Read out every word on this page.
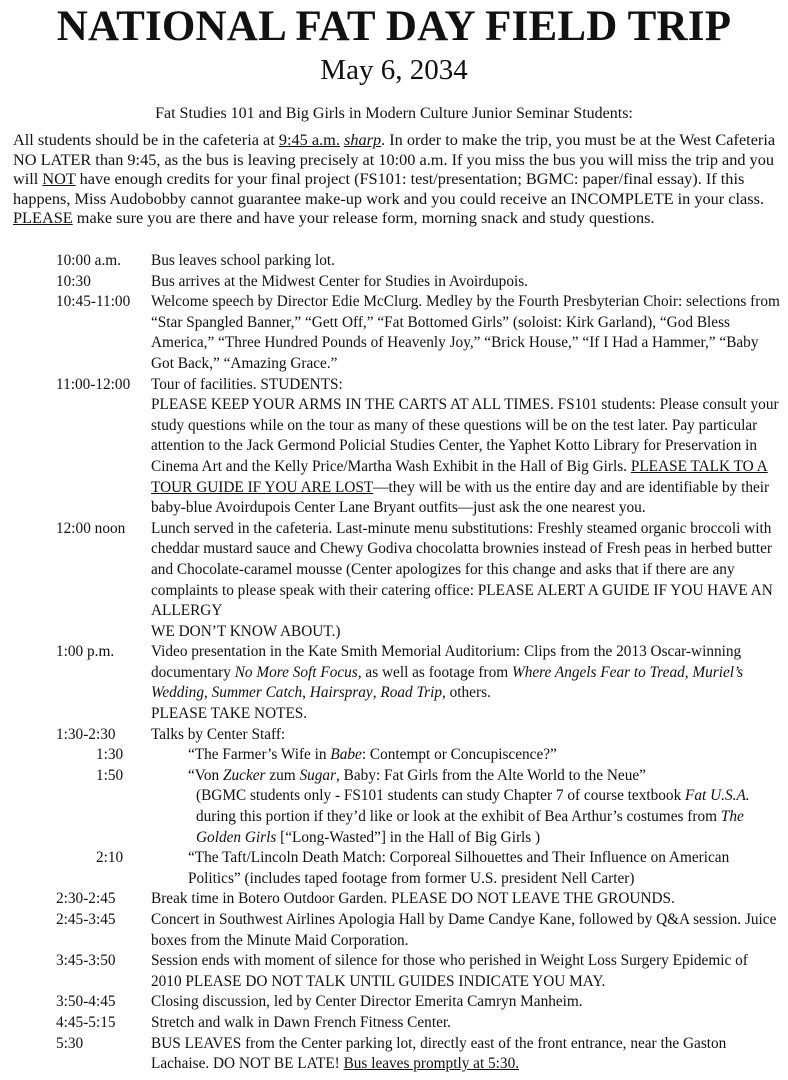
NATIONAL FAT DAY FIELD TRIP
May 6, 2034
Fat Studies 101 and Big Girls in Modern Culture Junior Seminar Students:

All students should be in the cafeteria at 9:45 a.m. sharp. In order to make the trip, you must be at the West Cafeteria NO LATER than 9:45, as the bus is leaving precisely at 10:00 a.m. If you miss the bus you will miss the trip and you will NOT have enough credits for your final project (FS101: test/presentation; BGMC: paper/final essay). If this happens, Miss Audobobby cannot guarantee make-up work and you could receive an INCOMPLETE in your class. PLEASE make sure you are there and have your release form, morning snack and study questions.

10:00 a.m.	Bus leaves school parking lot.
10:30	Bus arrives at the Midwest Center for Studies in Avoirdupois.
10:45-11:00	Welcome speech by Director Edie McClurg. Medley by the Fourth Presbyterian Choir: selections from “Star Spangled Banner,” “Gett Off,” “Fat Bottomed Girls” (soloist: Kirk Garland), “God Bless America,” “Three Hundred Pounds of Heavenly Joy,” “Brick House,” “If I Had a Hammer,” “Baby Got Back,” “Amazing Grace.”
11:00-12:00	Tour of facilities. STUDENTS:
PLEASE KEEP YOUR ARMS IN THE CARTS AT ALL TIMES. FS101 students: Please consult your study questions while on the tour as many of these questions will be on the test later. Pay particular attention to the Jack Germond Policial Studies Center, the Yaphet Kotto Library for Preservation in Cinema Art and the Kelly Price/Martha Wash Exhibit in the Hall of Big Girls. PLEASE TALK TO A TOUR GUIDE IF YOU ARE LOST—they will be with us the entire day and are identifiable by their baby-blue Avoirdupois Center Lane Bryant outfits—just ask the one nearest you.
12:00 noon	Lunch served in the cafeteria. Last-minute menu substitutions: Freshly steamed organic broccoli with cheddar mustard sauce and Chewy Godiva chocolatta brownies instead of Fresh peas in herbed butter and Chocolate-caramel mousse (Center apologizes for this change and asks that if there are any complaints to please speak with their catering office: PLEASE ALERT A GUIDE IF YOU HAVE AN ALLERGY
WE DON’T KNOW ABOUT.)
1:00 p.m.	Video presentation in the Kate Smith Memorial Auditorium: Clips from the 2013 Oscar-winning documentary No More Soft Focus, as well as footage from Where Angels Fear to Tread, Muriel’s Wedding, Summer Catch, Hairspray, Road Trip, others.
PLEASE TAKE NOTES.
1:30-2:30	Talks by Center Staff:
1:30	“The Farmer’s Wife in Babe: Contempt or Concupiscence?”
1:50	“Von Zucker zum Sugar, Baby: Fat Girls from the Alte World to the Neue”
(BGMC students only - FS101 students can study Chapter 7 of course textbook Fat U.S.A. during this portion if they’d like or look at the exhibit of Bea Arthur’s costumes from The Golden Girls [“Long-Wasted”] in the Hall of Big Girls )
2:10	“The Taft/Lincoln Death Match: Corporeal Silhouettes and Their Influence on American Politics” (includes taped footage from former U.S. president Nell Carter)
2:30-2:45	Break time in Botero Outdoor Garden. PLEASE DO NOT LEAVE THE GROUNDS.
2:45-3:45	Concert in Southwest Airlines Apologia Hall by Dame Candye Kane, followed by Q&A session. Juice boxes from the Minute Maid Corporation.
3:45-3:50	Session ends with moment of silence for those who perished in Weight Loss Surgery Epidemic of 2010 PLEASE DO NOT TALK UNTIL GUIDES INDICATE YOU MAY.
3:50-4:45	Closing discussion, led by Center Director Emerita Camryn Manheim.
4:45-5:15	Stretch and walk in Dawn French Fitness Center.
5:30	BUS LEAVES from the Center parking lot, directly east of the front entrance, near the Gaston Lachaise. DO NOT BE LATE! Bus leaves promptly at 5:30.
